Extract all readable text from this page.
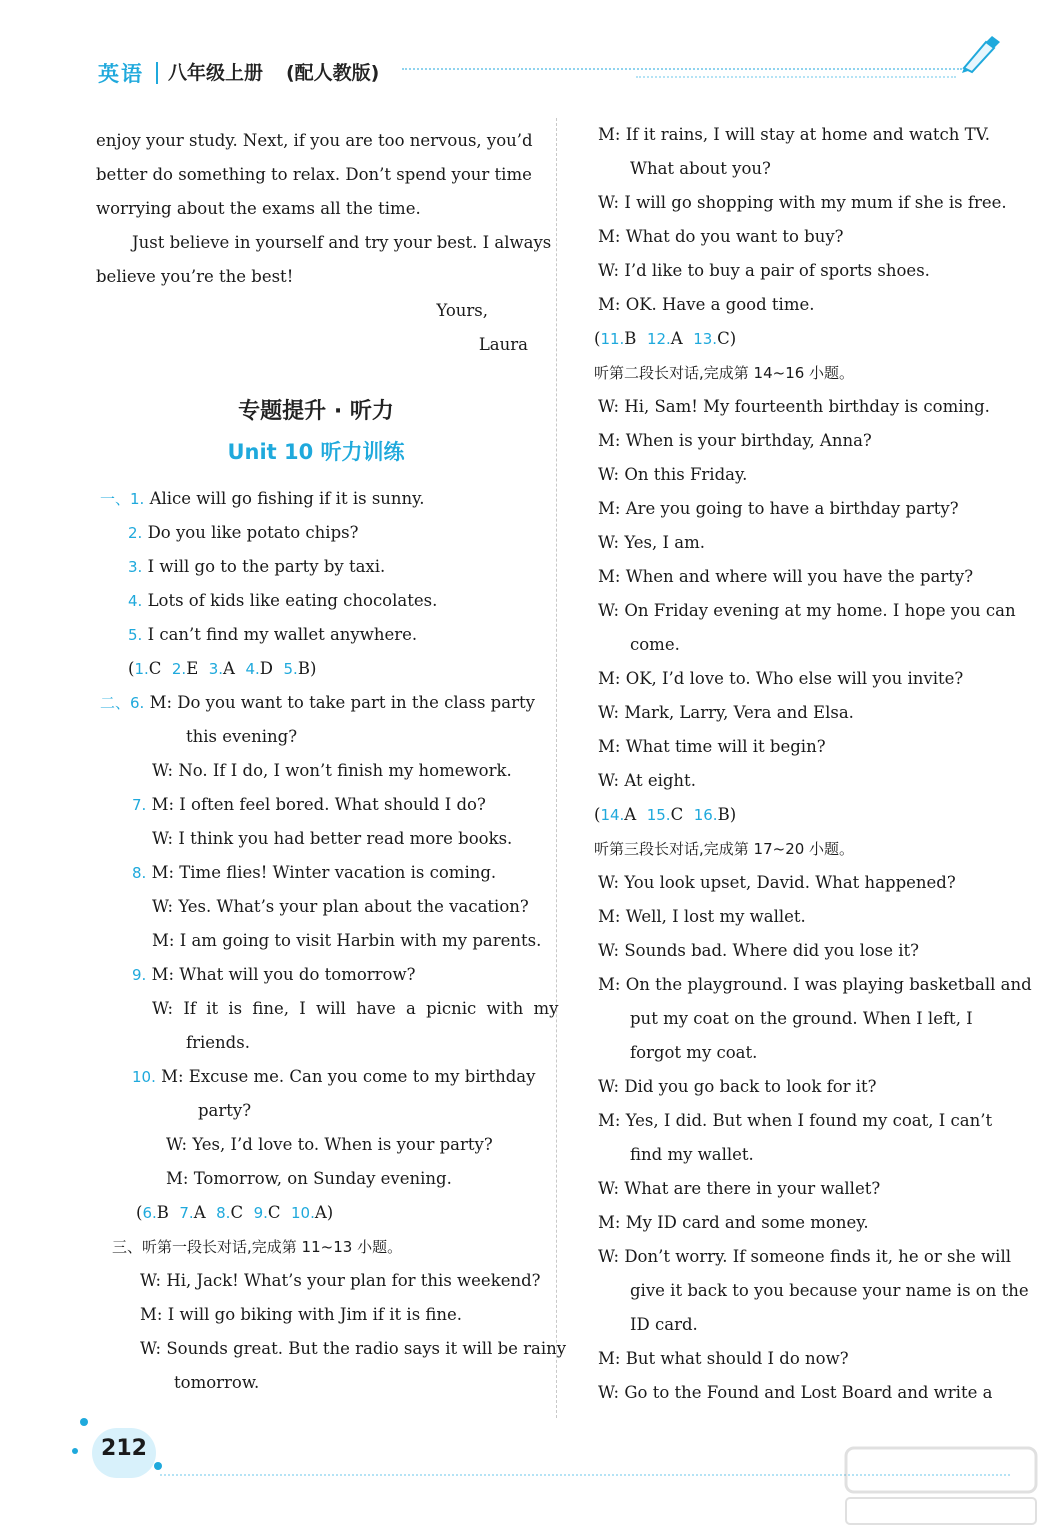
英语 八年级上册 (配人教版)

enjoy your study. Next, if you are too nervous, you’d

better do something to relax. Don’t spend your time

worrying about the exams all the time.

Just believe in yourself and try your best. I always

believe you’re the best!

Yours,

Laura

专题提升 · 听力
Unit 10 听力训练

一、1. Alice will go fishing if it is sunny.

2. Do you like potato chips?

3. I will go to the party by taxi.

4. Lots of kids like eating chocolates.

5. I can’t find my wallet anywhere.

(1.C 2.E 3.A 4.D 5.B)

二、6. M: Do you want to take part in the class party

this evening?

W: No. If I do, I won’t finish my homework.

7. M: I often feel bored. What should I do?

W: I think you had better read more books.

8. M: Time flies! Winter vacation is coming.

W: Yes. What’s your plan about the vacation?

M: I am going to visit Harbin with my parents.

9. M: What will you do tomorrow?

W: If it is fine, I will have a picnic with my

friends.

10. M: Excuse me. Can you come to my birthday

party?

W: Yes, I’d love to. When is your party?

M: Tomorrow, on Sunday evening.

(6.B 7.A 8.C 9.C 10.A)

三、听第一段长对话,完成第 11~13 小题。

W: Hi, Jack! What’s your plan for this weekend?

M: I will go biking with Jim if it is fine.

W: Sounds great. But the radio says it will be rainy

tomorrow.

M: If it rains, I will stay at home and watch TV.

What about you?

W: I will go shopping with my mum if she is free.

M: What do you want to buy?

W: I’d like to buy a pair of sports shoes.

M: OK. Have a good time.

(11.B 12.A 13.C)

听第二段长对话,完成第 14~16 小题。

W: Hi, Sam! My fourteenth birthday is coming.

M: When is your birthday, Anna?

W: On this Friday.

M: Are you going to have a birthday party?

W: Yes, I am.

M: When and where will you have the party?

W: On Friday evening at my home. I hope you can

come.

M: OK, I’d love to. Who else will you invite?

W: Mark, Larry, Vera and Elsa.

M: What time will it begin?

W: At eight.

(14.A 15.C 16.B)

听第三段长对话,完成第 17~20 小题。

W: You look upset, David. What happened?

M: Well, I lost my wallet.

W: Sounds bad. Where did you lose it?

M: On the playground. I was playing basketball and

put my coat on the ground. When I left, I

forgot my coat.

W: Did you go back to look for it?

M: Yes, I did. But when I found my coat, I can’t

find my wallet.

W: What are there in your wallet?

M: My ID card and some money.

W: Don’t worry. If someone finds it, he or she will

give it back to you because your name is on the

ID card.

M: But what should I do now?

W: Go to the Found and Lost Board and write a

212
